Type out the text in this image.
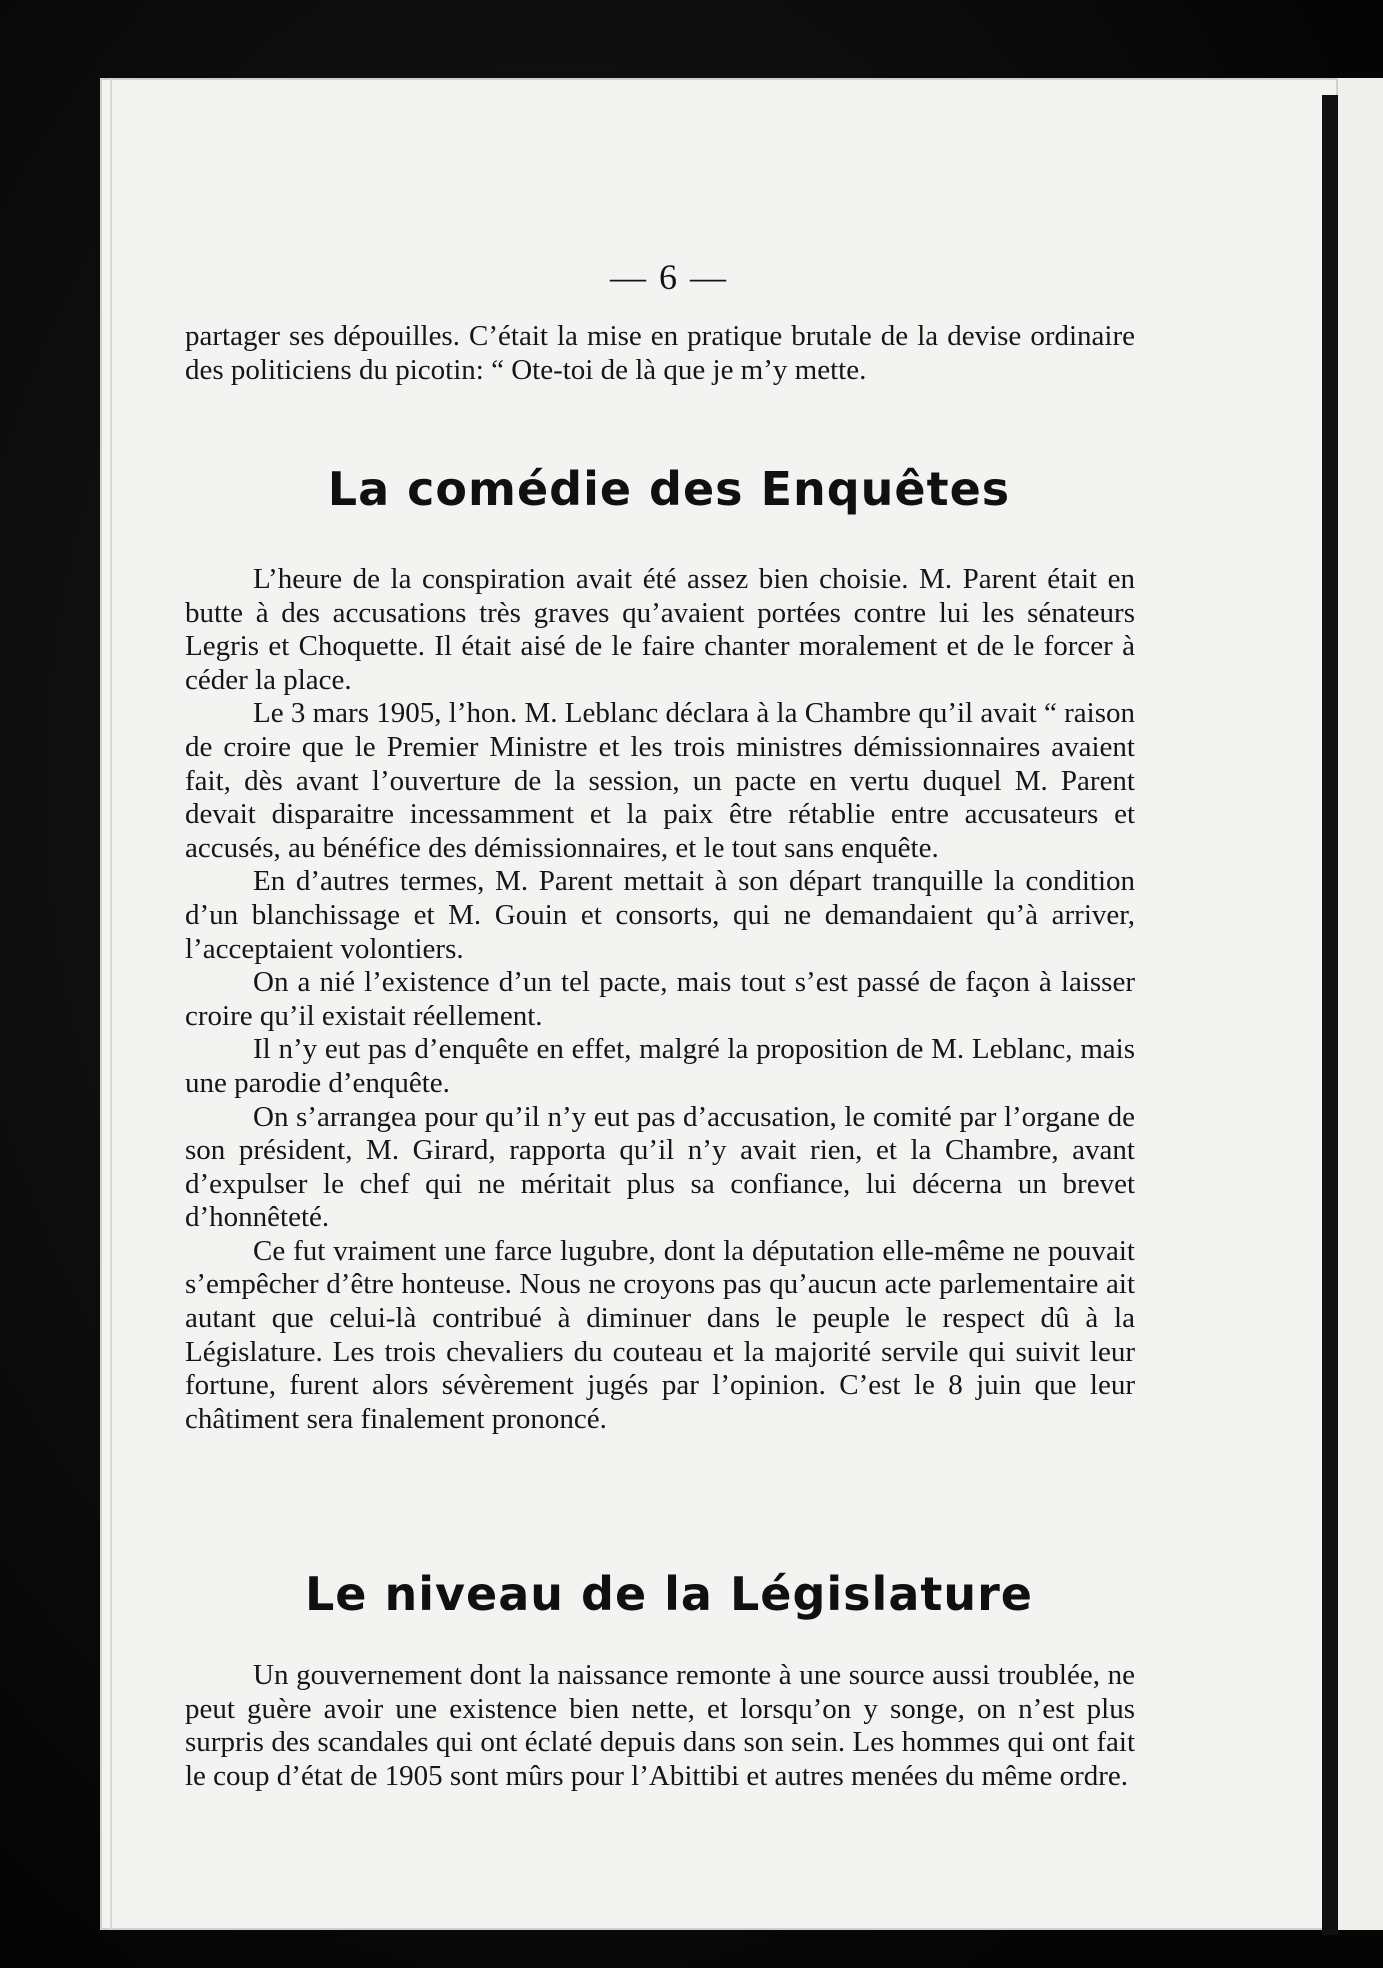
— 6 —

partager ses dépouilles. C’était la mise en pratique brutale de la devise ordinaire des politiciens du picotin: “ Ote-toi de là que je m’y mette.

La comédie des Enquêtes

L’heure de la conspiration avait été assez bien choisie. M. Parent était en butte à des accusations très graves qu’avaient portées contre lui les sénateurs Legris et Choquette. Il était aisé de le faire chanter moralement et de le forcer à céder la place.

Le 3 mars 1905, l’hon. M. Leblanc déclara à la Chambre qu’il avait “ raison de croire que le Premier Ministre et les trois ministres démissionnaires avaient fait, dès avant l’ouverture de la session, un pacte en vertu duquel M. Parent devait disparaitre incessamment et la paix être rétablie entre accusateurs et accusés, au bénéfice des démissionnaires, et le tout sans enquête.

En d’autres termes, M. Parent mettait à son départ tranquille la condition d’un blanchissage et M. Gouin et consorts, qui ne demandaient qu’à arriver, l’acceptaient volontiers.

On a nié l’existence d’un tel pacte, mais tout s’est passé de façon à laisser croire qu’il existait réellement.

Il n’y eut pas d’enquête en effet, malgré la proposition de M. Leblanc, mais une parodie d’enquête.

On s’arrangea pour qu’il n’y eut pas d’accusation, le comité par l’organe de son président, M. Girard, rapporta qu’il n’y avait rien, et la Chambre, avant d’expulser le chef qui ne méritait plus sa confiance, lui décerna un brevet d’honnêteté.

Ce fut vraiment une farce lugubre, dont la députation elle-même ne pouvait s’empêcher d’être honteuse. Nous ne croyons pas qu’aucun acte parlementaire ait autant que celui-là contribué à diminuer dans le peuple le respect dû à la Législature. Les trois chevaliers du couteau et la majorité servile qui suivit leur fortune, furent alors sévèrement jugés par l’opinion. C’est le 8 juin que leur châtiment sera finalement prononcé.

Le niveau de la Législature

Un gouvernement dont la naissance remonte à une source aussi troublée, ne peut guère avoir une existence bien nette, et lorsqu’on y songe, on n’est plus surpris des scandales qui ont éclaté depuis dans son sein. Les hommes qui ont fait le coup d’état de 1905 sont mûrs pour l’Abittibi et autres menées du même ordre.
